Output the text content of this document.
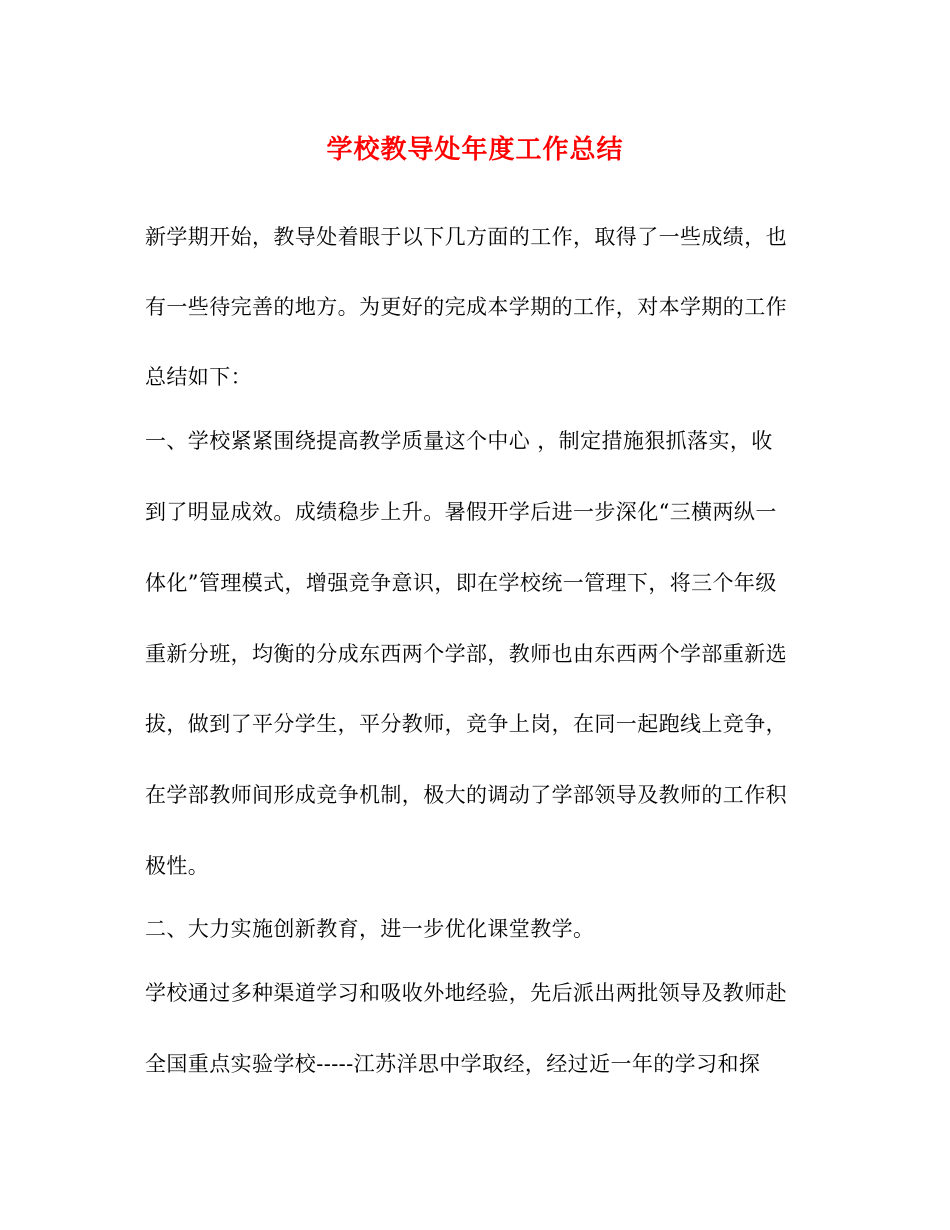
学校教导处年度工作总结
新学期开始，教导处着眼于以下几方面的工作，取得了一些成绩，也
有一些待完善的地方。为更好的完成本学期的工作，对本学期的工作
总结如下：
一、学校紧紧围绕提高教学质量这个中心 ，制定措施狠抓落实，收
到了明显成效。成绩稳步上升。暑假开学后进一步深化“三横两纵一
体化”管理模式，增强竞争意识，即在学校统一管理下，将三个年级
重新分班，均衡的分成东西两个学部，教师也由东西两个学部重新选
拔，做到了平分学生，平分教师，竞争上岗，在同一起跑线上竞争，
在学部教师间形成竞争机制，极大的调动了学部领导及教师的工作积
极性。
二、大力实施创新教育，进一步优化课堂教学。
学校通过多种渠道学习和吸收外地经验，先后派出两批领导及教师赴
全国重点实验学校-----江苏洋思中学取经，经过近一年的学习和探
